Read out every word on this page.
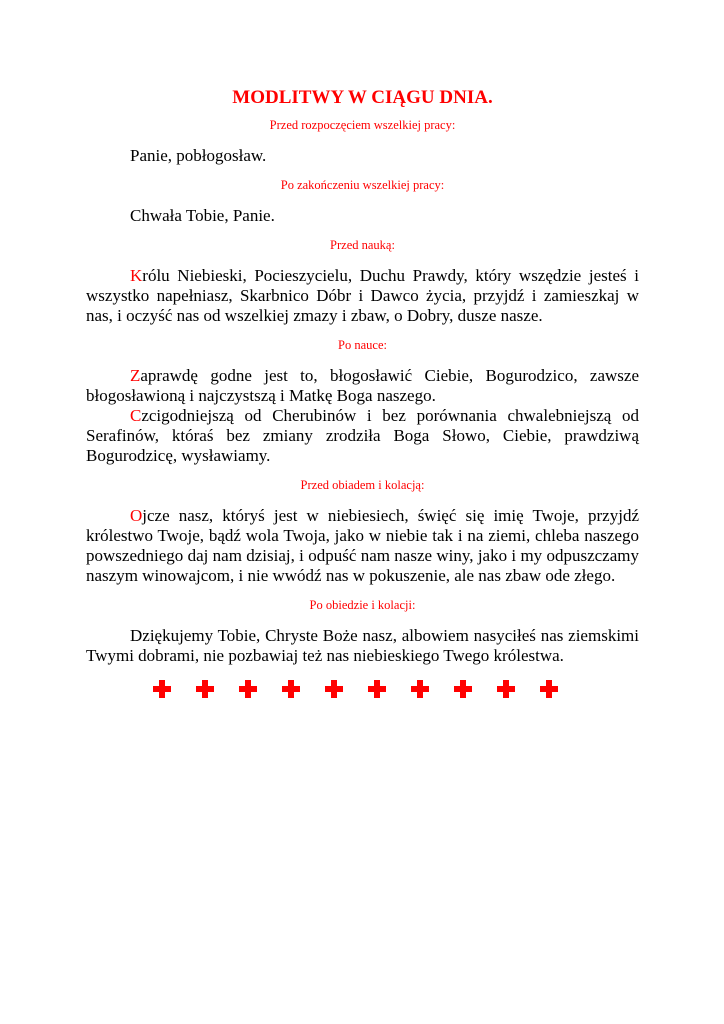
MODLITWY W CIĄGU DNIA.
Przed rozpoczęciem wszelkiej pracy:

Panie, pobłogosław.

Po zakończeniu wszelkiej pracy:

Chwała Tobie, Panie.

Przed nauką:

Królu Niebieski, Pocieszycielu, Duchu Prawdy, który wszędzie jesteś i wszystko napełniasz, Skarbnico Dóbr i Dawco życia, przyjdź i zamieszkaj w nas, i oczyść nas od wszelkiej zmazy i zbaw, o Dobry, dusze nasze.

Po nauce:

Zaprawdę godne jest to, błogosławić Ciebie, Bogurodzico, zawsze błogosławioną i najczystszą i Matkę Boga naszego.

Czcigodniejszą od Cherubinów i bez porównania chwalebniejszą od Serafinów, któraś bez zmiany zrodziła Boga Słowo, Ciebie, prawdziwą Bogurodzicę, wysławiamy.

Przed obiadem i kolacją:

Ojcze nasz, któryś jest w niebiesiech, święć się imię Twoje, przyjdź królestwo Twoje, bądź wola Twoja, jako w niebie tak i na ziemi, chleba naszego powszedniego daj nam dzisiaj, i odpuść nam nasze winy, jako i my odpuszczamy naszym winowajcom, i nie wwódź nas w pokuszenie, ale nas zbaw ode złego.

Po obiedzie i kolacji:

Dziękujemy Tobie, Chryste Boże nasz, albowiem nasyciłeś nas ziemskimi Twymi dobrami, nie pozbawiaj też nas niebieskiego Twego królestwa.
